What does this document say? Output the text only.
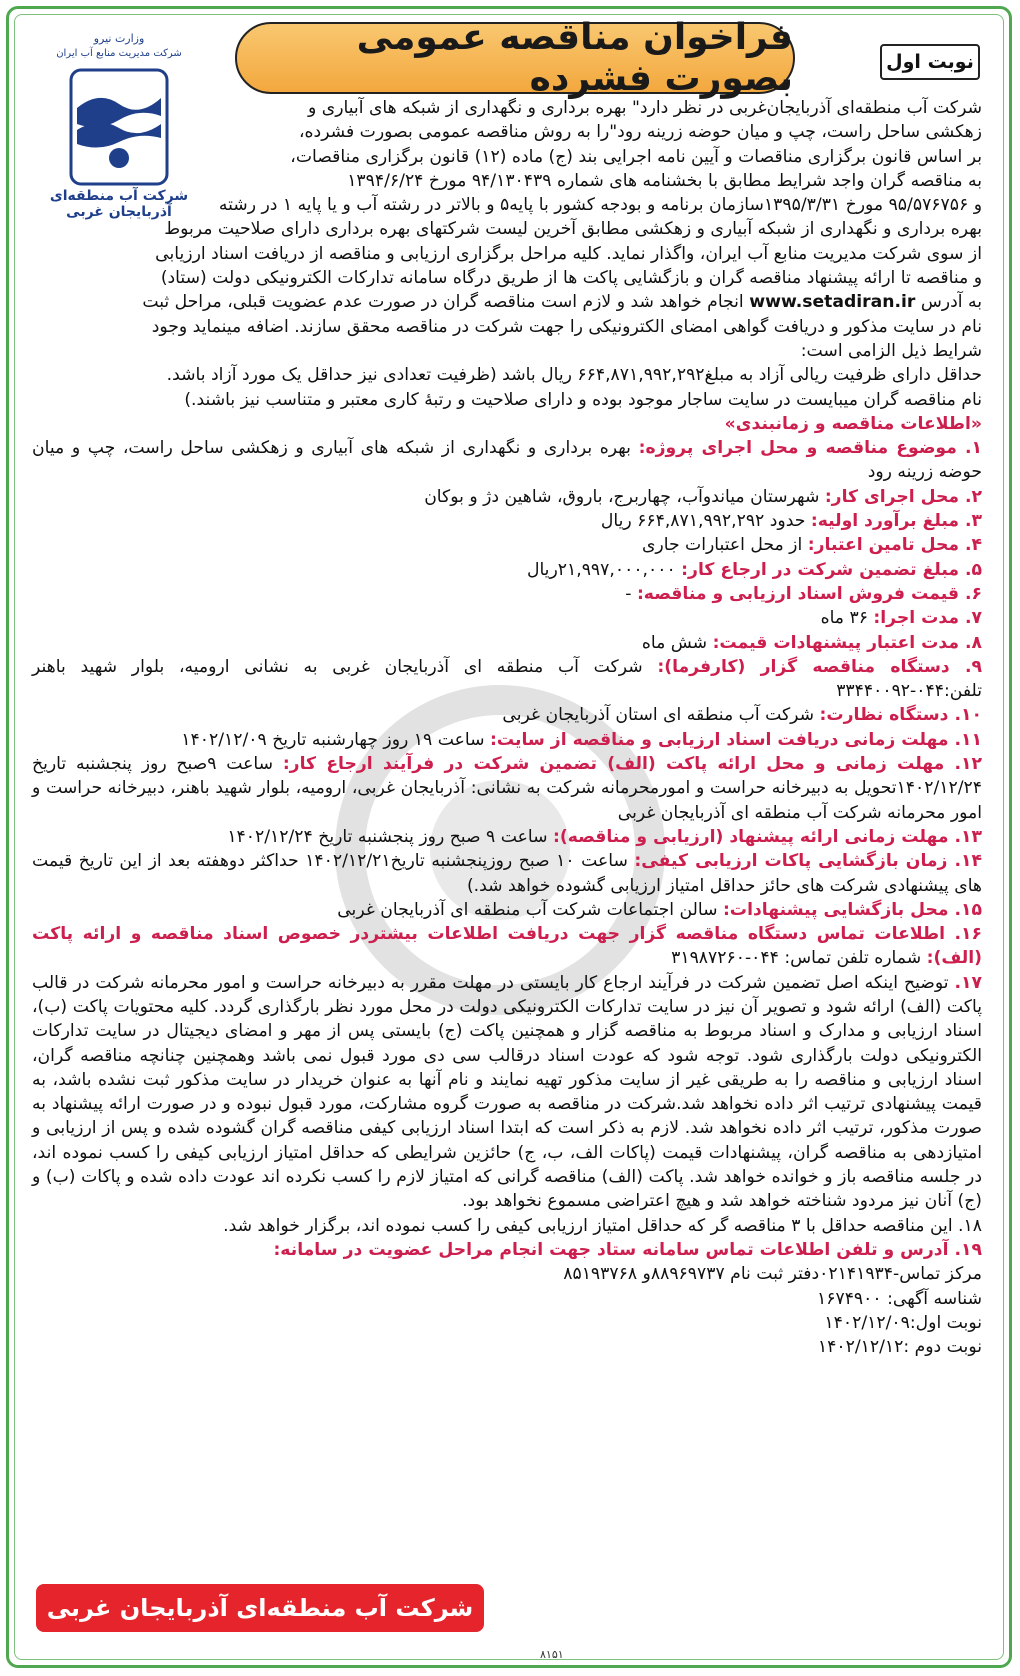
فراخوان مناقصه عمومی بصورت فشرده	نوبت اول
وزارت نیرو
شرکت مدیریت منابع آب ایران
شرکت آب منطقه‌ای آذربایجان غربی

شرکت آب منطقه‌ای آذربایجان‌غربی در نظر دارد" بهره برداری و نگهداری از شبکه های آبیاری و

زهکشی ساحل راست، چپ و میان حوضه زرینه رود"را به روش مناقصه عمومی بصورت فشرده،

بر اساس قانون برگزاری مناقصات و آیین نامه اجرایی بند (ج) ماده (۱۲) قانون برگزاری مناقصات،

به مناقصه گران واجد شرایط مطابق با بخشنامه های شماره ۹۴/۱۳۰۴۳۹ مورخ ۱۳۹۴/۶/۲۴

و ۹۵/۵۷۶۷۵۶ مورخ ۱۳۹۵/۳/۳۱سازمان برنامه و بودجه کشور با پایه۵ و بالاتر در رشته آب و یا پایه ۱ در رشته

بهره برداری و نگهداری از شبکه آبیاری و زهکشی مطابق آخرین لیست شرکتهای بهره برداری دارای صلاحیت مربوط

از سوی شرکت مدیریت منابع آب ایران، واگذار نماید. کلیه مراحل برگزاری ارزیابی و مناقصه از دریافت اسناد ارزیابی

و مناقصه تا ارائه پیشنهاد مناقصه گران و بازگشایی پاکت ها از طریق درگاه سامانه تدارکات الکترونیکی دولت (ستاد)

به آدرس www.setadiran.ir انجام خواهد شد و لازم است مناقصه گران در صورت عدم عضویت قبلی، مراحل ثبت

نام در سایت مذکور و دریافت گواهی امضای الکترونیکی را جهت شرکت در مناقصه محقق سازند. اضافه مینماید وجود

شرایط ذیل الزامی است:

حداقل دارای ظرفیت ریالی آزاد به مبلغ۶۶۴,۸۷۱,۹۹۲,۲۹۲ ریال باشد (ظرفیت تعدادی نیز حداقل یک مورد آزاد باشد.

نام مناقصه گران میبایست در سایت ساجار موجود بوده و دارای صلاحیت و رتبهٔ کاری معتبر و متناسب نیز باشند.)

«اطلاعات مناقصه و زمانبندی»

۱. موضوع مناقصه و محل اجرای پروژه: بهره برداری و نگهداری از شبکه های آبیاری و زهکشی ساحل راست، چپ و میان حوضه زرینه رود

۲. محل اجرای کار: شهرستان میاندوآب، چهاربرج، باروق، شاهین دژ و بوکان

۳. مبلغ برآورد اولیه: حدود ۶۶۴,۸۷۱,۹۹۲,۲۹۲ ریال

۴. محل تامین اعتبار: از محل اعتبارات جاری

۵. مبلغ تضمین شرکت در ارجاع کار: ۲۱,۹۹۷,۰۰۰,۰۰۰ریال

۶. قیمت فروش اسناد ارزیابی و مناقصه: -

۷. مدت اجرا: ۳۶ ماه

۸. مدت اعتبار پیشنهادات قیمت: شش ماه

۹. دستگاه مناقصه گزار (کارفرما): شرکت آب منطقه ای آذربایجان غربی به نشانی ارومیه، بلوار شهید باهنر تلفن:۰۴۴-۳۳۴۴۰۰۹۲

۱۰. دستگاه نظارت: شرکت آب منطقه ای استان آذربایجان غربی

۱۱. مهلت زمانی دریافت اسناد ارزیابی و مناقصه از سایت: ساعت ۱۹ روز چهارشنبه تاریخ ۱۴۰۲/۱۲/۰۹

۱۲. مهلت زمانی و محل ارائه پاکت (الف) تضمین شرکت در فرآیند ارجاع کار: ساعت ۹صبح روز پنجشنبه تاریخ ۱۴۰۲/۱۲/۲۴تحویل به دبیرخانه حراست و امورمحرمانه شرکت به نشانی: آذربایجان غربی، ارومیه، بلوار شهید باهنر، دبیرخانه حراست و امور محرمانه شرکت آب منطقه ای آذربایجان غربی

۱۳. مهلت زمانی ارائه پیشنهاد (ارزیابی و مناقصه): ساعت ۹ صبح روز پنجشنبه تاریخ ۱۴۰۲/۱۲/۲۴

۱۴. زمان بازگشایی پاکات ارزیابی کیفی: ساعت ۱۰ صبح روزپنجشنبه تاریخ۱۴۰۲/۱۲/۲۱ حداکثر دوهفته بعد از این تاریخ قیمت های پیشنهادی شرکت های حائز حداقل امتیاز ارزیابی گشوده خواهد شد.)

۱۵. محل بازگشایی پیشنهادات: سالن اجتماعات شرکت آب منطقه ای آذربایجان غربی

۱۶. اطلاعات تماس دستگاه مناقصه گزار جهت دریافت اطلاعات بیشتردر خصوص اسناد مناقصه و ارائه پاکت (الف): شماره تلفن تماس: ۰۴۴-۳۱۹۸۷۲۶۰

۱۷. توضیح اینکه اصل تضمین شرکت در فرآیند ارجاع کار بایستی در مهلت مقرر به دبیرخانه حراست و امور محرمانه شرکت در قالب پاکت (الف) ارائه شود و تصویر آن نیز در سایت تدارکات الکترونیکی دولت در محل مورد نظر بارگذاری گردد. کلیه محتویات پاکت (ب)، اسناد ارزیابی و مدارک و اسناد مربوط به مناقصه گزار و همچنین پاکت (ج) بایستی پس از مهر و امضای دیجیتال در سایت تدارکات الکترونیکی دولت بارگذاری شود. توجه شود که عودت اسناد درقالب سی دی مورد قبول نمی باشد وهمچنین چنانچه مناقصه گران، اسناد ارزیابی و مناقصه را به طریقی غیر از سایت مذکور تهیه نمایند و نام آنها به عنوان خریدار در سایت مذکور ثبت نشده باشد، به قیمت پیشنهادی ترتیب اثر داده نخواهد شد.شرکت در مناقصه به صورت گروه مشارکت، مورد قبول نبوده و در صورت ارائه پیشنهاد به صورت مذکور، ترتیب اثر داده نخواهد شد. لازم به ذکر است که ابتدا اسناد ارزیابی کیفی مناقصه گران گشوده شده و پس از ارزیابی و امتیازدهی به مناقصه گران، پیشنهادات قیمت (پاکات الف، ب، ج) حائزین شرایطی که حداقل امتیاز ارزیابی کیفی را کسب نموده اند، در جلسه مناقصه باز و خوانده خواهد شد. پاکت (الف) مناقصه گرانی که امتیاز لازم را کسب نکرده اند عودت داده شده و پاکات (ب) و (ج) آنان نیز مردود شناخته خواهد شد و هیچ اعتراضی مسموع نخواهد بود.

۱۸. این مناقصه حداقل با ۳ مناقصه گر که حداقل امتیاز ارزیابی کیفی را کسب نموده اند، برگزار خواهد شد.

۱۹. آدرس و تلفن اطلاعات تماس سامانه ستاد جهت انجام مراحل عضویت در سامانه:

مرکز تماس-۰۲۱۴۱۹۳۴دفتر ثبت نام ۸۸۹۶۹۷۳۷و ۸۵۱۹۳۷۶۸

شناسه آگهی: ۱۶۷۴۹۰۰

نوبت اول:۱۴۰۲/۱۲/۰۹

نوبت دوم :۱۴۰۲/۱۲/۱۲

شرکت آب منطقه‌ای آذربایجان غربی
۸۱۵۱
